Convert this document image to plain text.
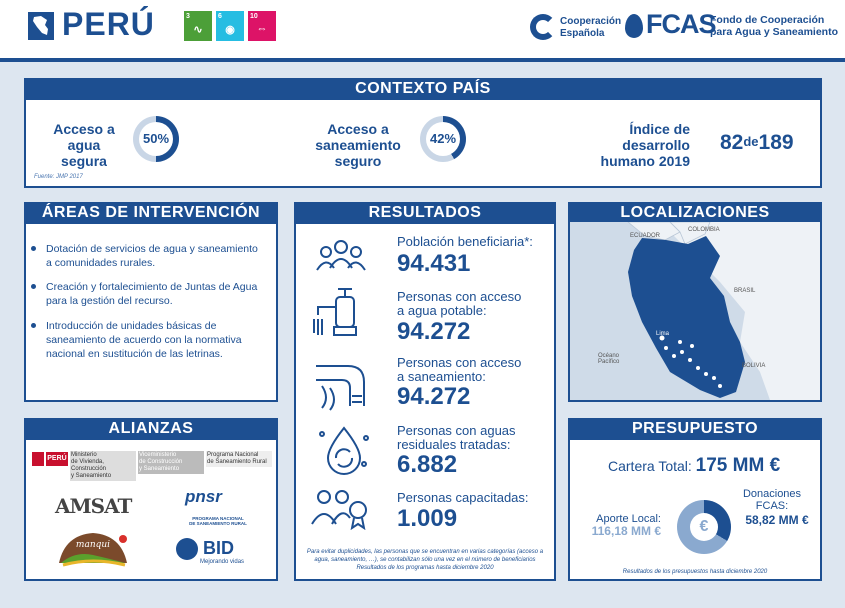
PERÚ	3
∿
6
◉
10
⇔
Cooperación
Española	FCAS
Fondo de Cooperación
para Agua y Saneamiento
CONTEXTO PAÍS
Acceso a
agua
segura
50%
Acceso a
saneamiento
seguro
42%
Índice de
desarrollo
humano 2019
82de189
Fuente: JMP 2017
ÁREAS DE INTERVENCIÓN
Dotación de servicios de agua y saneamiento
a comunidades rurales.
Creación y fortalecimiento de Juntas de Agua
para la gestión del recurso.
Introducción de unidades básicas de
saneamiento de acuerdo con la normativa
nacional en sustitución de las letrinas.
ALIANZAS
PERÚ Ministerio
de Vivienda, Construcción
y Saneamiento
Viceministerio
de Construcción
y Saneamiento
Programa Nacional
de Saneamiento Rural
AMSAT	pnsr
PROGRAMA NACIONAL
DE SANEAMIENTO RURAL
manqui	BID
Mejorando vidas
RESULTADOS
Población beneficiaria*:
94.431
Personas con acceso
a agua potable:
94.272
Personas con acceso
a saneamiento:
94.272
Personas con aguas
residuales tratadas:
6.882
Personas capacitadas:
1.009
Para evitar duplicidades, las personas que se encuentran en varias categorías (acceso a
agua, saneamiento, …), se contabilizan sólo una vez en el número de beneficiarios
Resultados de los programas hasta diciembre 2020
LOCALIZACIONES
ECUADOR
COLOMBIA
BRASIL
Lima
Océano
Pacífico
BOLIVIA
PRESUPUESTO
Cartera Total: 175 MM €
Donaciones
FCAS:
58,82 MM €
Aporte Local:
116,18 MM €	€
Resultados de los presupuestos hasta diciembre 2020
